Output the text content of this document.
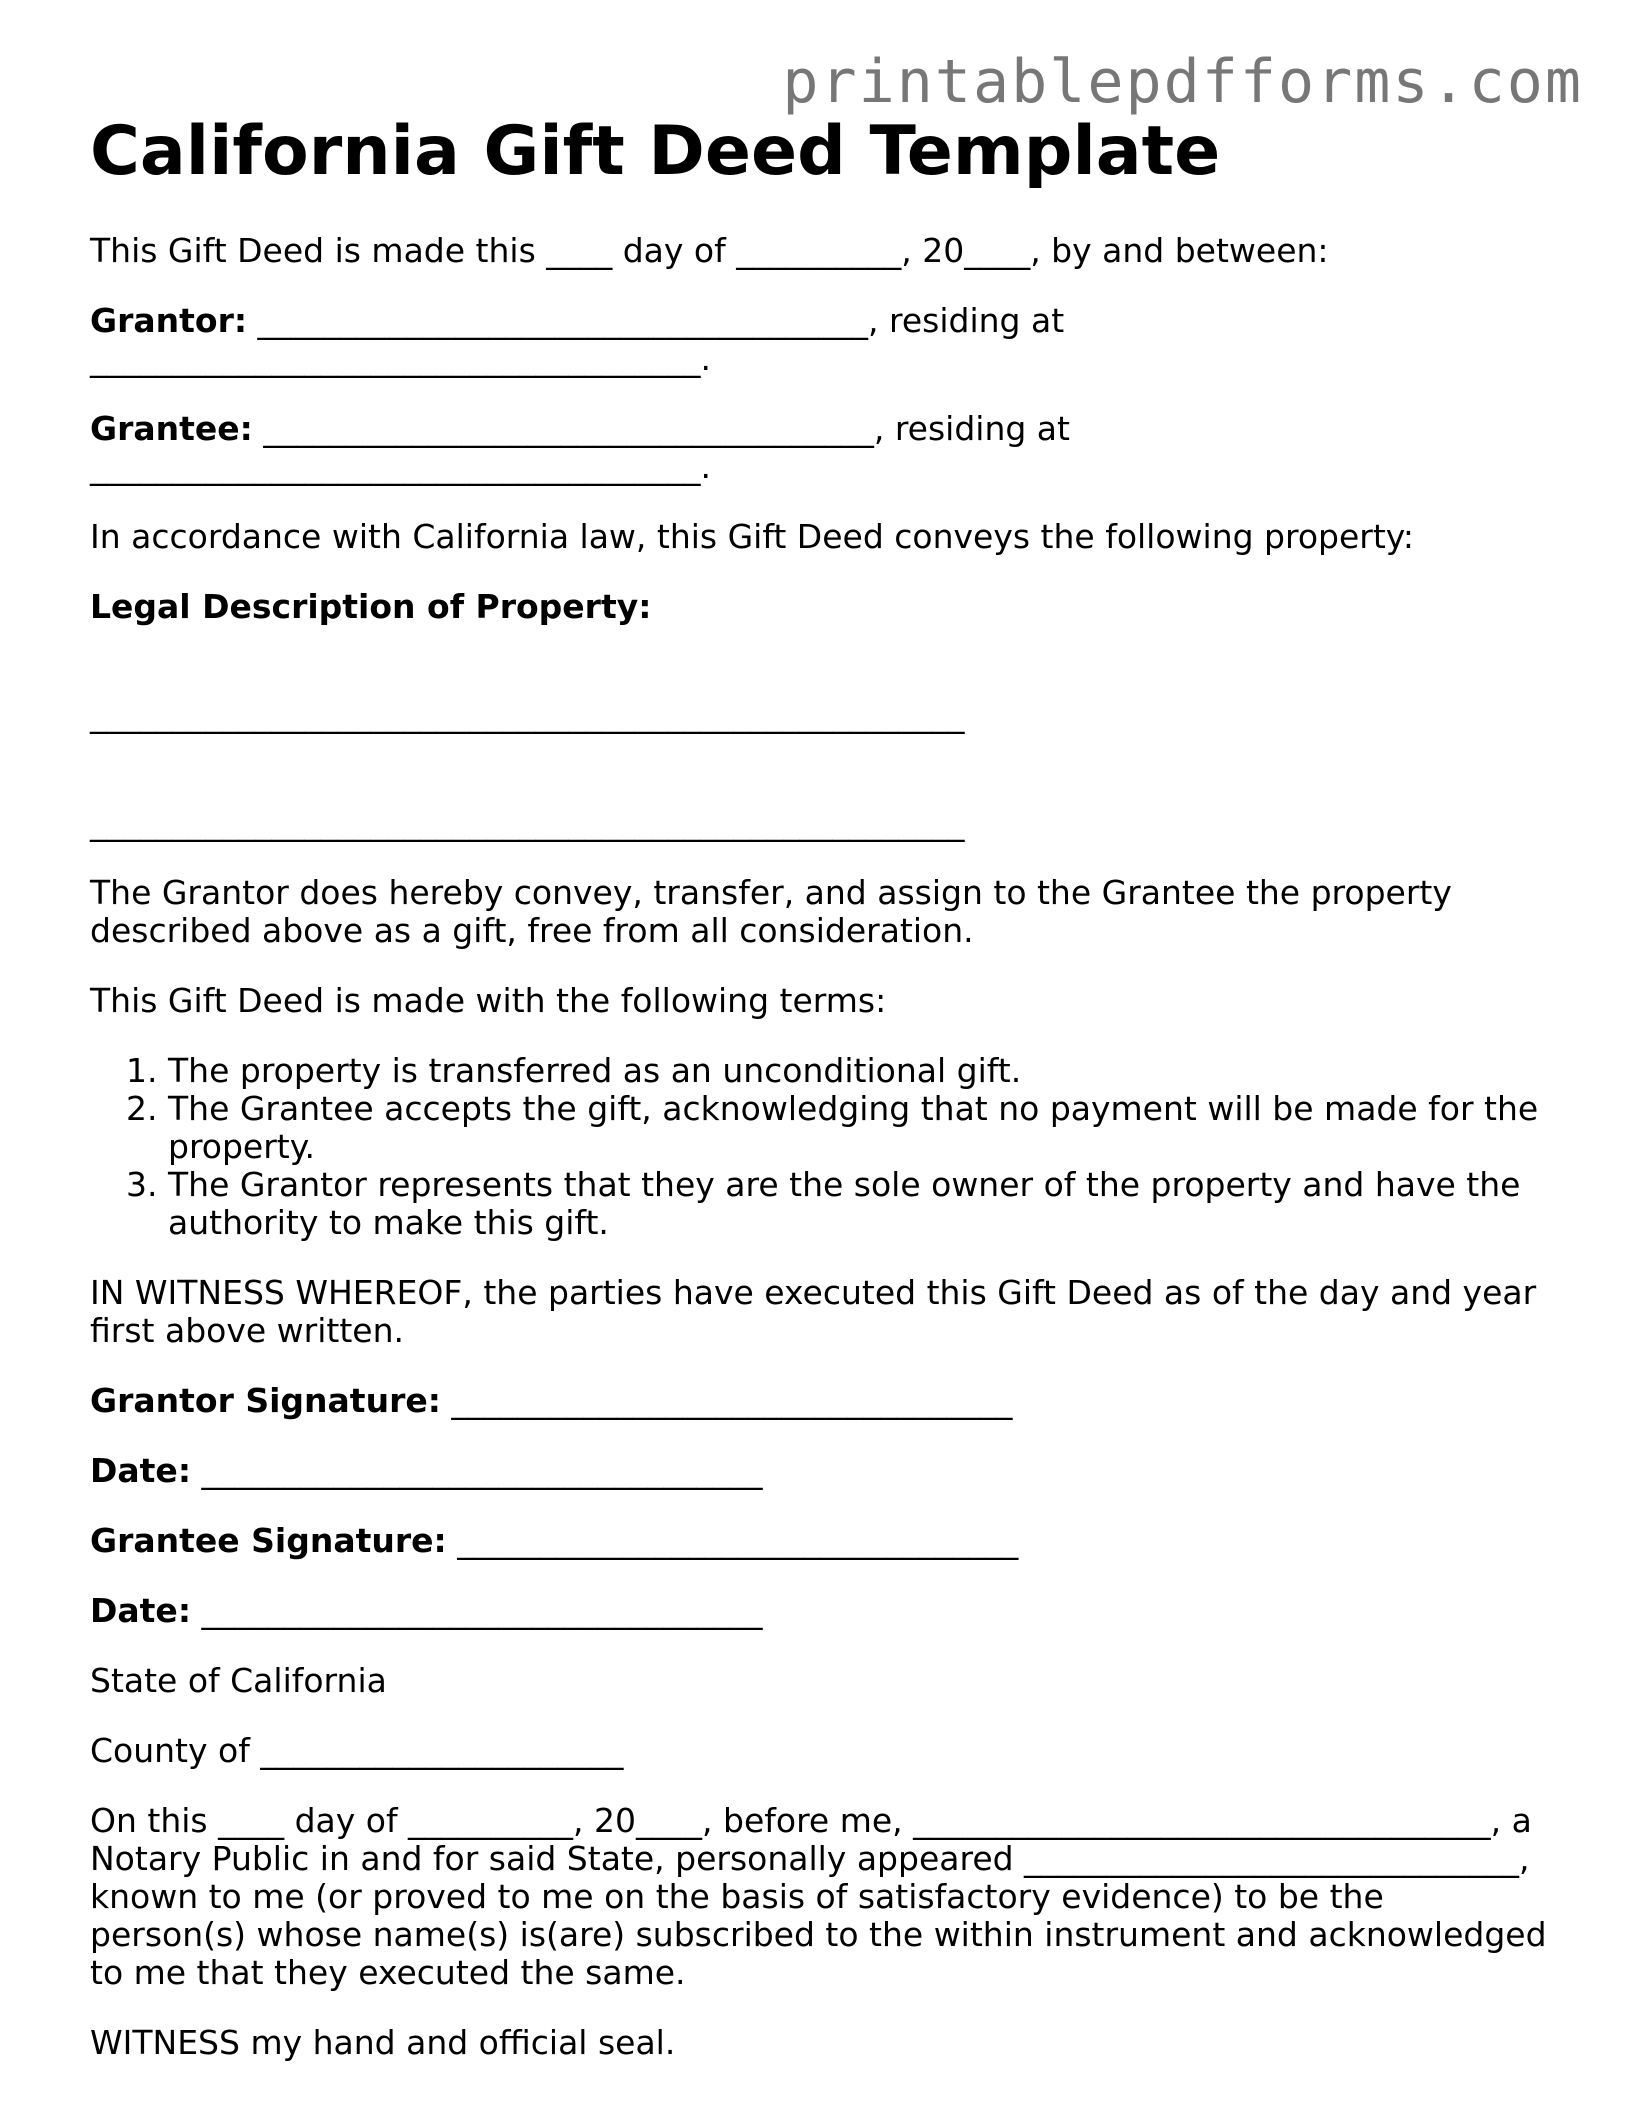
printablepdfforms.com
California Gift Deed Template

This Gift Deed is made this ____ day of __________, 20____, by and between:

Grantor: _____________________________________, residing at
_____________________________________.

Grantee: _____________________________________, residing at
_____________________________________.

In accordance with California law, this Gift Deed conveys the following property:

Legal Description of Property:

_____________________________________________________

_____________________________________________________

The Grantor does hereby convey, transfer, and assign to the Grantee the property described above as a gift, free from all consideration.

This Gift Deed is made with the following terms:

1. The property is transferred as an unconditional gift.
2. The Grantee accepts the gift, acknowledging that no payment will be made for the property.
3. The Grantor represents that they are the sole owner of the property and have the authority to make this gift.

IN WITNESS WHEREOF, the parties have executed this Gift Deed as of the day and year first above written.

Grantor Signature: __________________________________

Date: __________________________________

Grantee Signature: __________________________________

Date: __________________________________

State of California

County of ______________________

On this ____ day of __________, 20____, before me, ___________________________________, a Notary Public in and for said State, personally appeared ______________________________, known to me (or proved to me on the basis of satisfactory evidence) to be the person(s) whose name(s) is(are) subscribed to the within instrument and acknowledged to me that they executed the same.

WITNESS my hand and official seal.
